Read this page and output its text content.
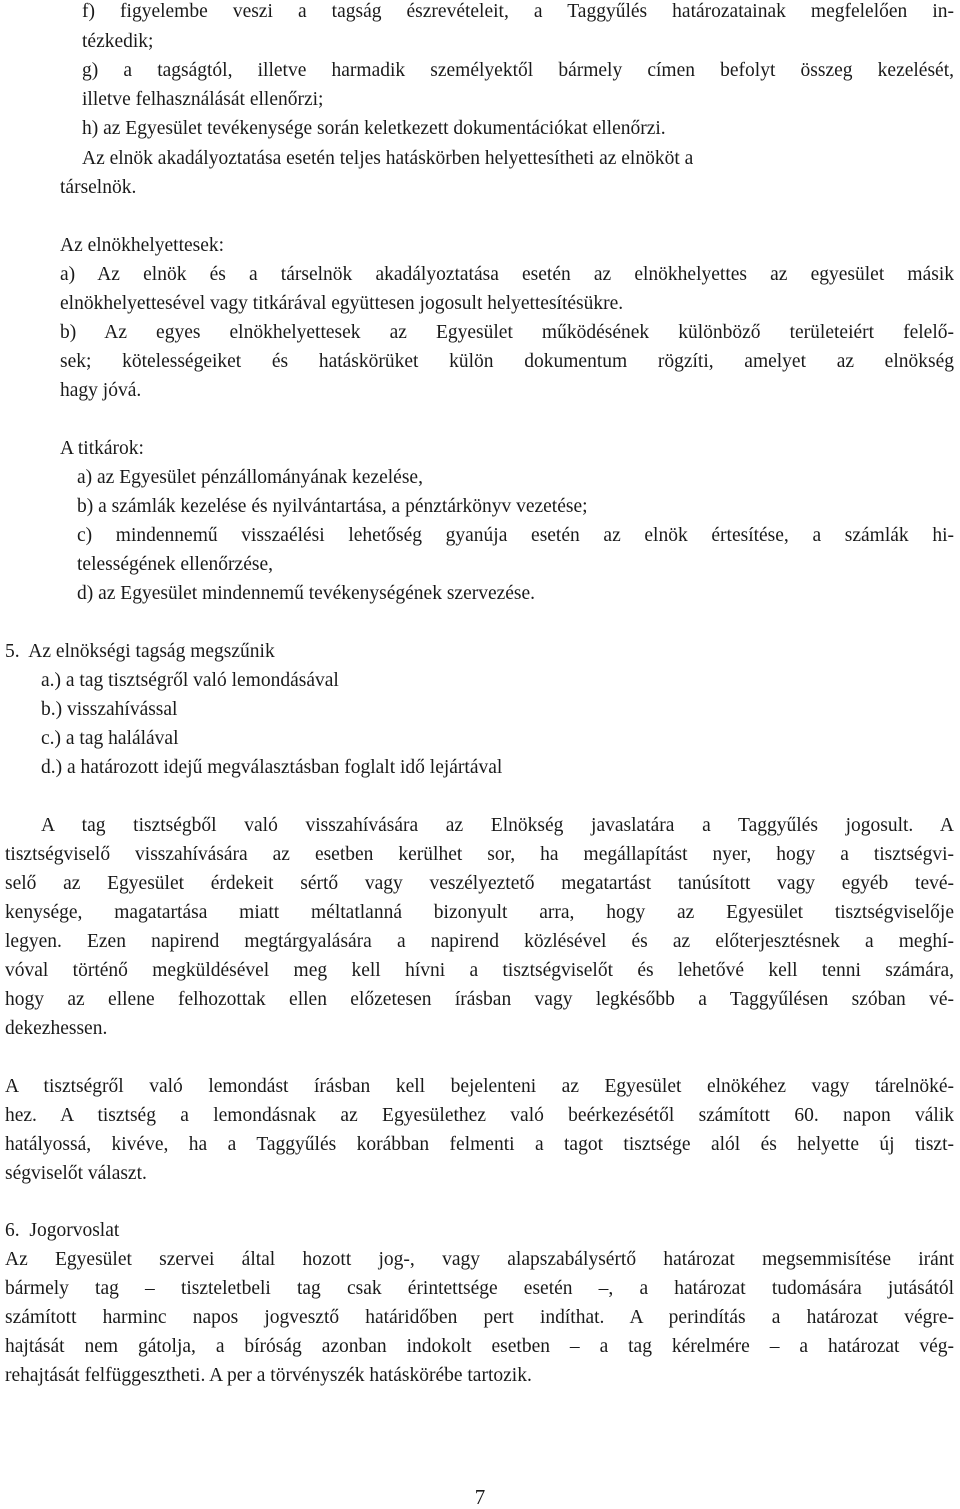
f) figyelembe veszi a tagság észrevételeit, a Taggyűlés határozatainak megfelelően in-
tézkedik;
g) a tagságtól, illetve harmadik személyektől bármely címen befolyt összeg kezelését,
illetve felhasználását ellenőrzi;
h) az Egyesület tevékenysége során keletkezett dokumentációkat ellenőrzi.
Az elnök akadályoztatása esetén teljes hatáskörben helyettesítheti az elnököt a
társelnök.
Az elnökhelyettesek:
a) Az elnök és a társelnök akadályoztatása esetén az elnökhelyettes az egyesület másik
elnökhelyettesével vagy titkárával együttesen jogosult helyettesítésükre.
b) Az egyes elnökhelyettesek az Egyesület működésének különböző területeiért felelő-
sek; kötelességeiket és hatáskörüket külön dokumentum rögzíti, amelyet az elnökség
hagy jóvá.
A titkárok:
a) az Egyesület pénzállományának kezelése,
b) a számlák kezelése és nyilvántartása, a pénztárkönyv vezetése;
c) mindennemű visszaélési lehetőség gyanúja esetén az elnök értesítése, a számlák hi-
telességének ellenőrzése,
d) az Egyesület mindennemű tevékenységének szervezése.
5.  Az elnökségi tagság megszűnik
a.) a tag tisztségről való lemondásával
b.) visszahívással
c.) a tag halálával
d.) a határozott idejű megválasztásban foglalt idő lejártával
A tag tisztségből való visszahívására az Elnökség javaslatára a Taggyűlés jogosult. A
tisztségviselő visszahívására az esetben kerülhet sor, ha megállapítást nyer, hogy a tisztségvi-
selő az Egyesület érdekeit sértő vagy veszélyeztető megatartást tanúsított vagy egyéb tevé-
kenysége, magatartása miatt méltatlanná bizonyult arra, hogy az Egyesület tisztségviselője
legyen. Ezen napirend megtárgyalására a napirend közlésével és az előterjesztésnek a meghí-
vóval történő megküldésével meg kell hívni a tisztségviselőt és lehetővé kell tenni számára,
hogy az ellene felhozottak ellen előzetesen írásban vagy legkésőbb a Taggyűlésen szóban vé-
dekezhessen.
A tisztségről való lemondást írásban kell bejelenteni az Egyesület elnökéhez vagy tárelnöké-
hez. A tisztség a lemondásnak az Egyesülethez való beérkezésétől számított 60. napon válik
hatályossá, kivéve, ha a Taggyűlés korábban felmenti a tagot tisztsége alól és helyette új tiszt-
ségviselőt választ.
6.  Jogorvoslat
Az Egyesület szervei által hozott jog-, vagy alapszabálysértő határozat megsemmisítése iránt
bármely tag – tiszteletbeli tag csak érintettsége esetén –, a határozat tudomására jutásától
számított harminc napos jogvesztő határidőben pert indíthat. A perindítás a határozat végre-
hajtását nem gátolja, a bíróság azonban indokolt esetben – a tag kérelmére – a határozat vég-
rehajtását felfüggesztheti. A per a törvényszék hatáskörébe tartozik.
7
